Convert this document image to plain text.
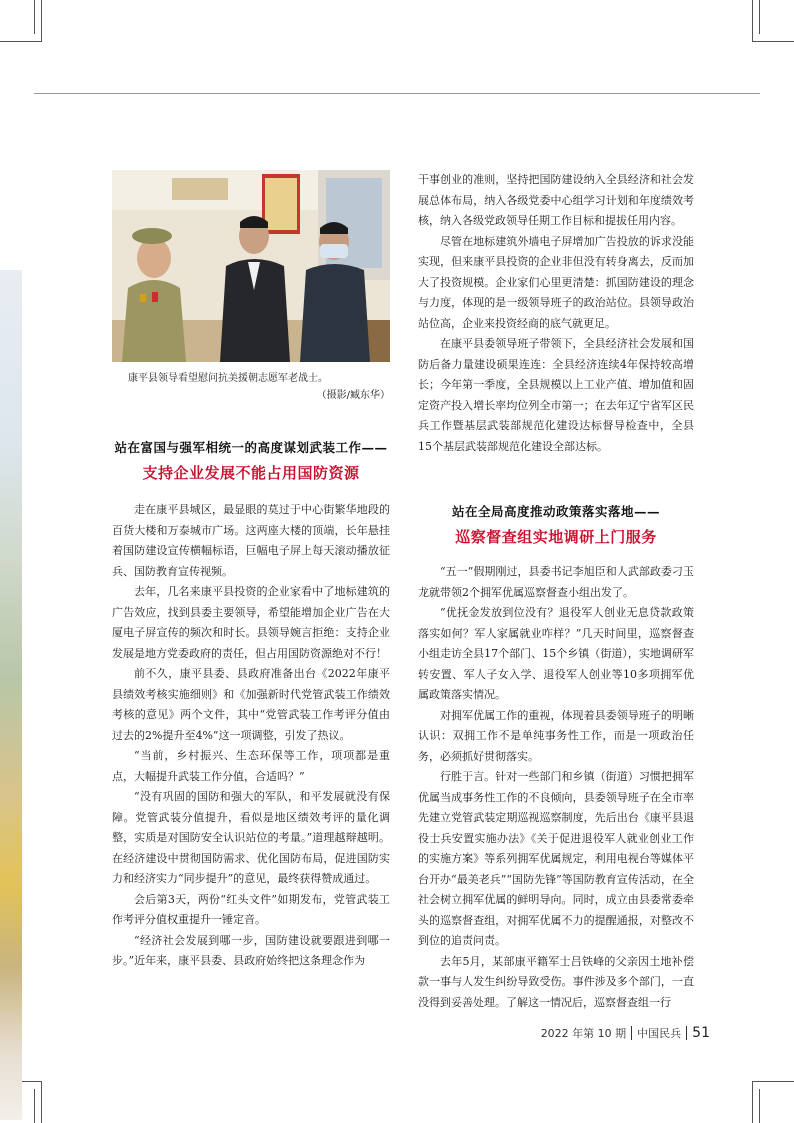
康平县领导看望慰问抗美援朝志愿军老战士。
（摄影/臧东华）
站在富国与强军相统一的高度谋划武装工作——
支持企业发展不能占用国防资源

走在康平县城区，最显眼的莫过于中心街繁华地段的百货大楼和万泰城市广场。这两座大楼的顶端，长年悬挂着国防建设宣传横幅标语，巨幅电子屏上每天滚动播放征兵、国防教育宣传视频。

去年，几名来康平县投资的企业家看中了地标建筑的广告效应，找到县委主要领导，希望能增加企业广告在大厦电子屏宣传的频次和时长。县领导婉言拒绝：支持企业发展是地方党委政府的责任，但占用国防资源绝对不行！

前不久，康平县委、县政府准备出台《2022年康平县绩效考核实施细则》和《加强新时代党管武装工作绩效考核的意见》两个文件，其中“党管武装工作考评分值由过去的2%提升至4%”这一项调整，引发了热议。

“当前，乡村振兴、生态环保等工作，项项都是重点，大幅提升武装工作分值，合适吗？”

“没有巩固的国防和强大的军队，和平发展就没有保障。党管武装分值提升，看似是地区绩效考评的量化调整，实质是对国防安全认识站位的考量。”道理越辩越明。在经济建设中贯彻国防需求、优化国防布局，促进国防实力和经济实力“同步提升”的意见，最终获得赞成通过。

会后第3天，两份“红头文件”如期发布，党管武装工作考评分值权重提升一锤定音。

“经济社会发展到哪一步，国防建设就要跟进到哪一步。”近年来，康平县委、县政府始终把这条理念作为

干事创业的准则，坚持把国防建设纳入全县经济和社会发展总体布局，纳入各级党委中心组学习计划和年度绩效考核，纳入各级党政领导任期工作目标和提拔任用内容。

尽管在地标建筑外墙电子屏增加广告投放的诉求没能实现，但来康平县投资的企业非但没有转身离去，反而加大了投资规模。企业家们心里更清楚：抓国防建设的理念与力度，体现的是一级领导班子的政治站位。县领导政治站位高，企业来投资经商的底气就更足。

在康平县委领导班子带领下，全县经济社会发展和国防后备力量建设硕果连连：全县经济连续4年保持较高增长；今年第一季度，全县规模以上工业产值、增加值和固定资产投入增长率均位列全市第一；在去年辽宁省军区民兵工作暨基层武装部规范化建设达标督导检查中，全县15个基层武装部规范化建设全部达标。

站在全局高度推动政策落实落地——
巡察督查组实地调研上门服务

“五一”假期刚过，县委书记李旭臣和人武部政委刁玉龙就带领2个拥军优属巡察督查小组出发了。

“优抚金发放到位没有？退役军人创业无息贷款政策落实如何？军人家属就业咋样？”几天时间里，巡察督查小组走访全县17个部门、15个乡镇（街道），实地调研军转安置、军人子女入学、退役军人创业等10多项拥军优属政策落实情况。

对拥军优属工作的重视，体现着县委领导班子的明晰认识：双拥工作不是单纯事务性工作，而是一项政治任务，必须抓好贯彻落实。

行胜于言。针对一些部门和乡镇（街道）习惯把拥军优属当成事务性工作的不良倾向，县委领导班子在全市率先建立党管武装定期巡视巡察制度，先后出台《康平县退役士兵安置实施办法》《关于促进退役军人就业创业工作的实施方案》等系列拥军优属规定，利用电视台等媒体平台开办“最美老兵”“国防先锋”等国防教育宣传活动，在全社会树立拥军优属的鲜明导向。同时，成立由县委常委牵头的巡察督查组，对拥军优属不力的提醒通报，对整改不到位的追责问责。

去年5月，某部康平籍军士吕铁峰的父亲因土地补偿款一事与人发生纠纷导致受伤。事件涉及多个部门，一直没得到妥善处理。了解这一情况后，巡察督查组一行

2022 年第 10 期 中国民兵 51
